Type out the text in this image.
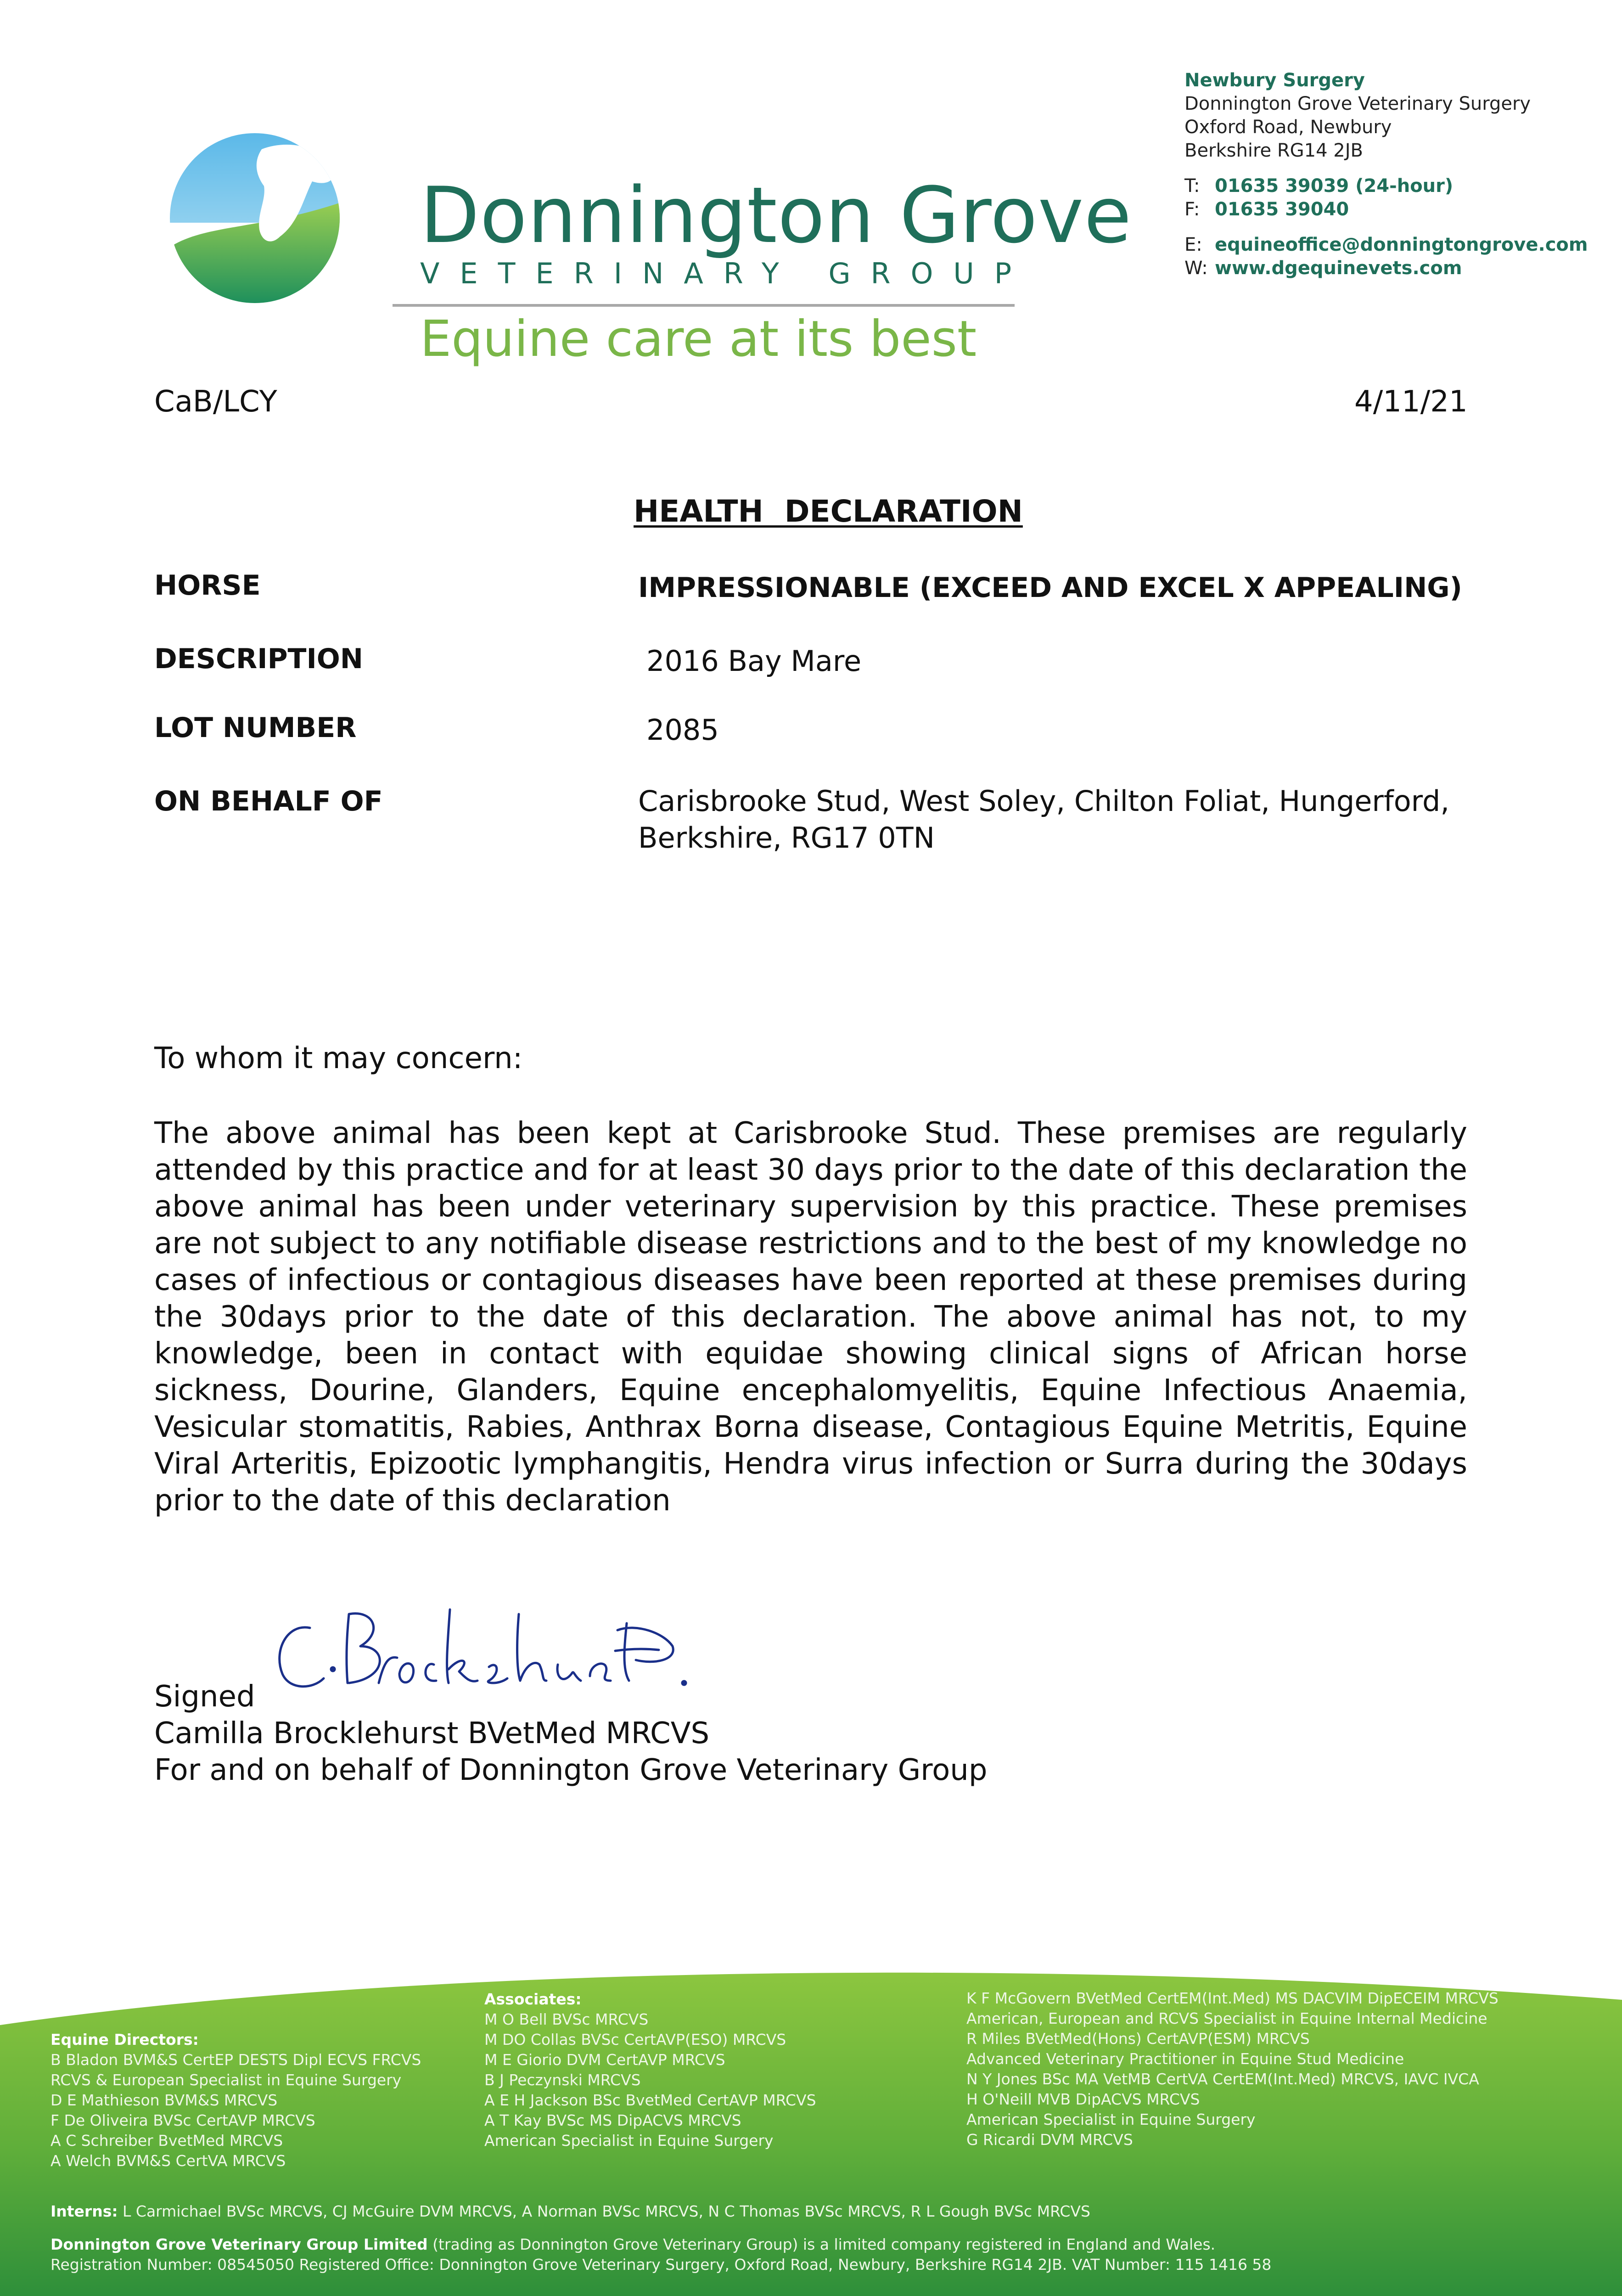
Donnington Grove
VETERINARY GROUP
Equine care at its best
Newbury Surgery
Donnington Grove Veterinary Surgery
Oxford Road, Newbury
Berkshire RG14 2JB
T: 01635 39039 (24-hour)
F: 01635 39040
E: equineoffice@donningtongrove.com
W: www.dgequinevets.com
CaB/LCY	4/11/21
HEALTH  DECLARATION
HORSE	IMPRESSIONABLE (EXCEED AND EXCEL X APPEALING)
DESCRIPTION	2016 Bay Mare
LOT NUMBER	2085
ON BEHALF OF	Carisbrooke Stud, West Soley, Chilton Foliat, Hungerford, Berkshire, RG17 0TN
To whom it may concern:
The above animal has been kept at Carisbrooke Stud. These premises are regularly attended by this practice and for at least 30 days prior to the date of this declaration the above animal has been under veterinary supervision by this practice. These premises are not subject to any notifiable disease restrictions and to the best of my knowledge no cases of infectious or contagious diseases have been reported at these premises during the 30days prior to the date of this declaration. The above animal has not, to my knowledge, been in contact with equidae showing clinical signs of African horse sickness, Dourine, Glanders, Equine encephalomyelitis, Equine Infectious Anaemia, Vesicular stomatitis, Rabies, Anthrax Borna disease, Contagious Equine Metritis, Equine Viral Arteritis, Epizootic lymphangitis, Hendra virus infection or Surra during the 30days prior to the date of this declaration
Signed
Camilla Brocklehurst BVetMed MRCVS
For and on behalf of Donnington Grove Veterinary Group
Equine Directors:
B Bladon BVM&S CertEP DESTS Dipl ECVS FRCVS
RCVS & European Specialist in Equine Surgery
D E Mathieson BVM&S MRCVS
F De Oliveira BVSc CertAVP MRCVS
A C Schreiber BvetMed MRCVS
A Welch BVM&S CertVA MRCVS
Associates:
M O Bell BVSc MRCVS
M DO Collas BVSc CertAVP(ESO) MRCVS
M E Giorio DVM CertAVP MRCVS
B J Peczynski MRCVS
A E H Jackson BSc BvetMed CertAVP MRCVS
A T Kay BVSc MS DipACVS MRCVS
American Specialist in Equine Surgery
K F McGovern BVetMed CertEM(Int.Med) MS DACVIM DipECEIM MRCVS
American, European and RCVS Specialist in Equine Internal Medicine
R Miles BVetMed(Hons) CertAVP(ESM) MRCVS
Advanced Veterinary Practitioner in Equine Stud Medicine
N Y Jones BSc MA VetMB CertVA CertEM(Int.Med) MRCVS, IAVC IVCA
H O'Neill MVB DipACVS MRCVS
American Specialist in Equine Surgery
G Ricardi DVM MRCVS
Interns: L Carmichael BVSc MRCVS, CJ McGuire DVM MRCVS, A Norman BVSc MRCVS, N C Thomas BVSc MRCVS, R L Gough BVSc MRCVS
Donnington Grove Veterinary Group Limited (trading as Donnington Grove Veterinary Group) is a limited company registered in England and Wales.
Registration Number: 08545050 Registered Office: Donnington Grove Veterinary Surgery, Oxford Road, Newbury, Berkshire RG14 2JB. VAT Number: 115 1416 58
